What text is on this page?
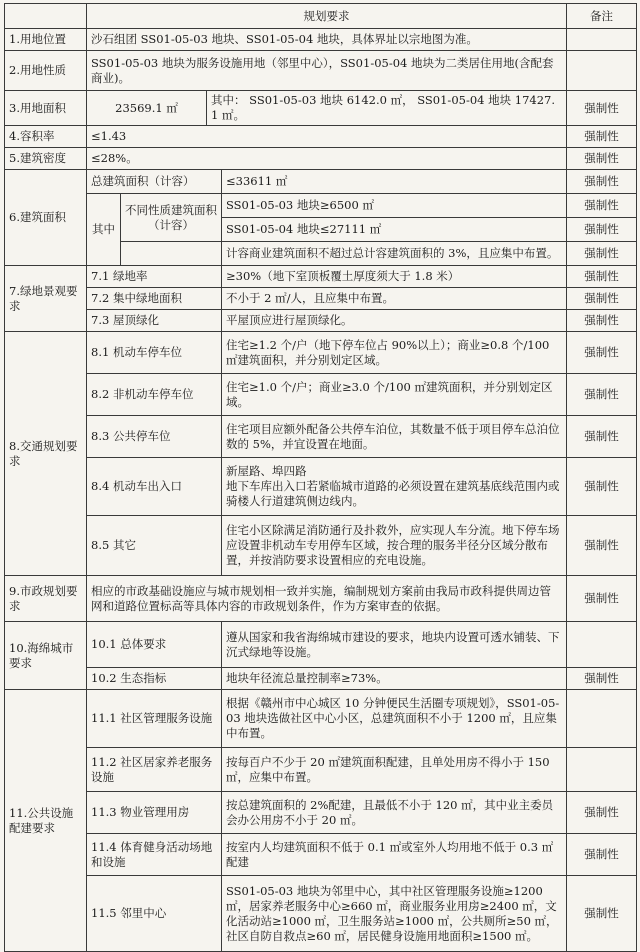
	规划要求				备注
1.用地位置	沙石组团 SS01-05-03 地块、SS01-05-04 地块，具体界址以宗地图为准。				
2.用地性质	SS01-05-03 地块为服务设施用地（邻里中心），SS01-05-04 地块为二类居住用地(含配套商业)。				
3.用地面积	23569.1 ㎡		其中： SS01-05-03 地块 6142.0 ㎡， SS01-05-04 地块 17427.1 ㎡。		强制性
4.容积率	≤1.43				强制性
5.建筑密度	≤28%。				强制性
6.建筑面积	总建筑面积（计容）			≤33611 ㎡	强制性
	其中	不同性质建筑面积（计容）		SS01-05-03 地块≥6500 ㎡	强制性
				SS01-05-04 地块≤27111 ㎡	强制性
				计容商业建筑面积不超过总计容建筑面积的 3%，且应集中布置。	强制性
7.绿地景观要求	7.1 绿地率			≥30%（地下室顶板覆土厚度须大于 1.8 米）	强制性
	7.2 集中绿地面积			不小于 2 ㎡/人，且应集中布置。	强制性
	7.3 屋顶绿化			平屋顶应进行屋顶绿化。	强制性
8.交通规划要求	8.1 机动车停车位			住宅≥1.2 个/户（地下停车位占 90%以上）；商业≥0.8 个/100 ㎡建筑面积，并分别划定区域。	强制性
	8.2 非机动车停车位			住宅≥1.0 个/户；商业≥3.0 个/100 ㎡建筑面积，并分别划定区域。	强制性
	8.3 公共停车位			住宅项目应额外配备公共停车泊位，其数量不低于项目停车总泊位数的 5%，并宜设置在地面。	强制性
	8.4 机动车出入口			新屋路、埠四路
地下车库出入口若紧临城市道路的必须设置在建筑基底线范围内或骑楼人行道建筑侧边线内。	强制性
	8.5 其它			住宅小区除满足消防通行及扑救外，应实现人车分流。地下停车场应设置非机动车专用停车区域，按合理的服务半径分区域分散布置，并按消防要求设置相应的充电设施。	强制性
9.市政规划要求	相应的市政基础设施应与城市规划相一致并实施，编制规划方案前由我局市政科提供周边管网和道路位置标高等具体内容的市政规划条件，作为方案审查的依据。				强制性
10.海绵城市要求	10.1 总体要求			遵从国家和我省海绵城市建设的要求，地块内设置可透水铺装、下沉式绿地等设施。	
	10.2 生态指标			地块年径流总量控制率≥73%。	强制性
11.公共设施配建要求	11.1 社区管理服务设施			根据《赣州市中心城区 10 分钟便民生活圈专项规划》，SS01-05-03 地块选做社区中心小区，总建筑面积不小于 1200 ㎡，且应集中布置。	
	11.2 社区居家养老服务设施			按每百户不少于 20 ㎡建筑面积配建，且单处用房不得小于 150 ㎡，应集中布置。	
	11.3 物业管理用房			按总建筑面积的 2%配建，且最低不小于 120 ㎡，其中业主委员会办公用房不小于 20 ㎡。	强制性
	11.4 体育健身活动场地和设施			按室内人均建筑面积不低于 0.1 ㎡或室外人均用地不低于 0.3 ㎡配建	强制性
	11.5 邻里中心			SS01-05-03 地块为邻里中心，其中社区管理服务设施≥1200 ㎡，居家养老服务中心≥660 ㎡，商业服务业用房≥2400 ㎡，文化活动站≥1000 ㎡，卫生服务站≥1000 ㎡，公共厕所≥50 ㎡，社区自防自救点≥60 ㎡，居民健身设施用地面积≥1500 ㎡。	强制性
